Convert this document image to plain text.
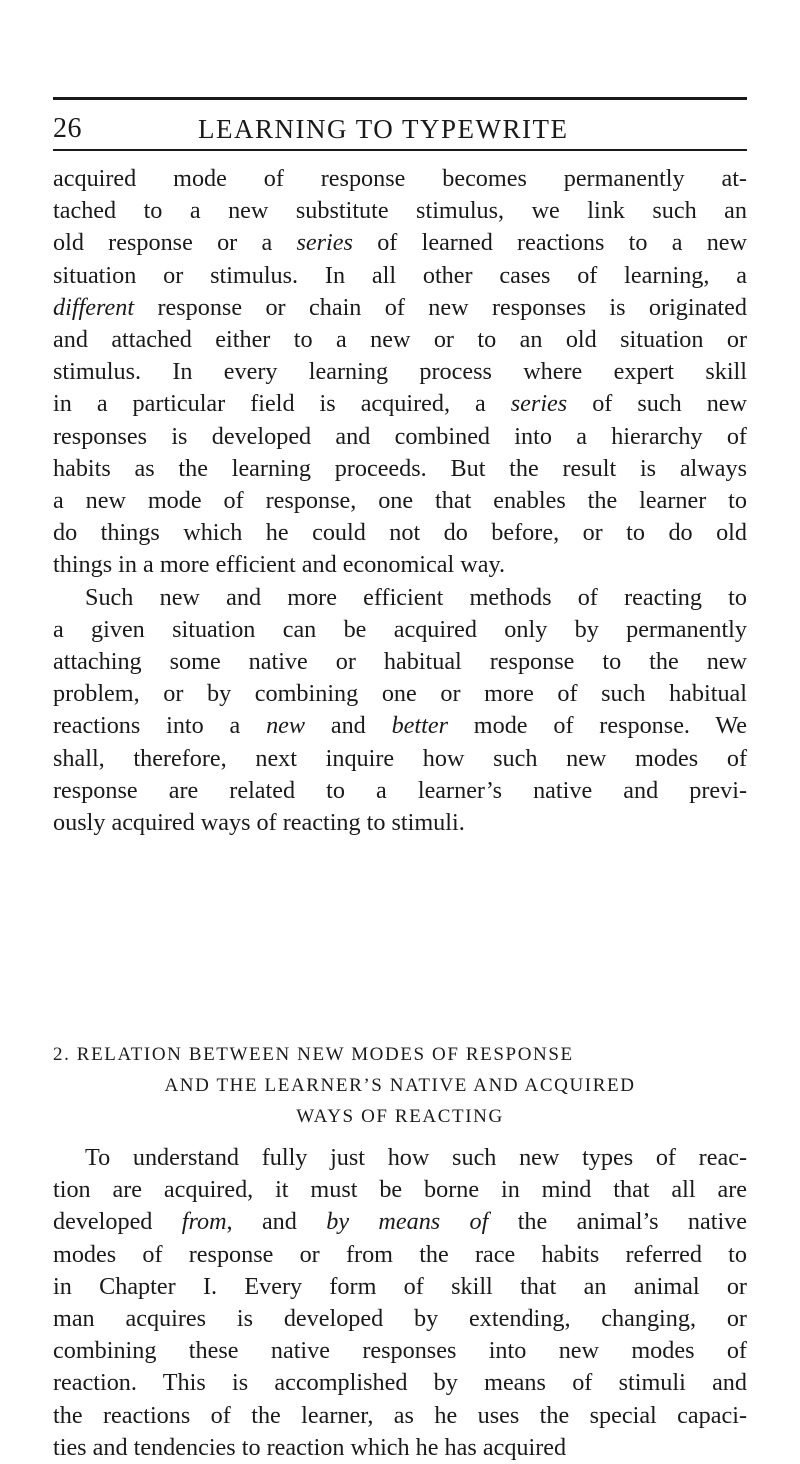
26	LEARNING TO TYPEWRITE
acquired mode of response becomes permanently at-
tached to a new substitute stimulus, we link such an
old response or a series of learned reactions to a new
situation or stimulus. In all other cases of learning, a
different response or chain of new responses is originated
and attached either to a new or to an old situation or
stimulus. In every learning process where expert skill
in a particular field is acquired, a series of such new
responses is developed and combined into a hierarchy of
habits as the learning proceeds. But the result is always
a new mode of response, one that enables the learner to
do things which he could not do before, or to do old
things in a more efficient and economical way.
Such new and more efficient methods of reacting to
a given situation can be acquired only by permanently
attaching some native or habitual response to the new
problem, or by combining one or more of such habitual
reactions into a new and better mode of response. We
shall, therefore, next inquire how such new modes of
response are related to a learner’s native and previ-
ously acquired ways of reacting to stimuli.
2. RELATION BETWEEN NEW MODES OF RESPONSE
AND THE LEARNER’S NATIVE AND ACQUIRED
WAYS OF REACTING
To understand fully just how such new types of reac-
tion are acquired, it must be borne in mind that all are
developed from, and by means of the animal’s native
modes of response or from the race habits referred to
in Chapter I. Every form of skill that an animal or
man acquires is developed by extending, changing, or
combining these native responses into new modes of
reaction. This is accomplished by means of stimuli and
the reactions of the learner, as he uses the special capaci-
ties and tendencies to reaction which he has acquired
